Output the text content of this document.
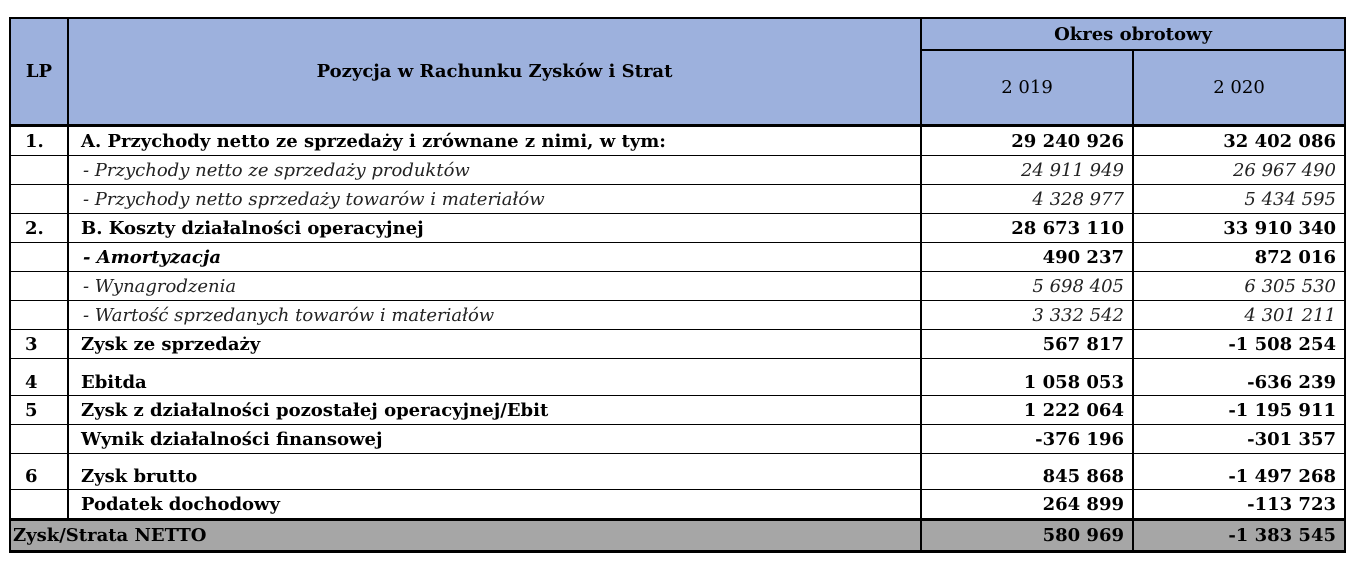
LP	Pozycja w Rachunku Zysków i Strat	Okres obrotowy	
		2 019	2 020
1.	A. Przychody netto ze sprzedaży i zrównane z nimi, w tym:	29 240 926	32 402 086
	- Przychody netto ze sprzedaży produktów	24 911 949	26 967 490
	- Przychody netto sprzedaży towarów i materiałów	4 328 977	5 434 595
2.	B. Koszty działalności operacyjnej	28 673 110	33 910 340
	- Amortyzacja	490 237	872 016
	- Wynagrodzenia	5 698 405	6 305 530
	- Wartość sprzedanych towarów i materiałów	3 332 542	4 301 211
3	Zysk ze sprzedaży	567 817	-1 508 254
4	Ebitda	1 058 053	-636 239
5	Zysk z działalności pozostałej operacyjnej/Ebit	1 222 064	-1 195 911
	Wynik działalności finansowej	-376 196	-301 357
6	Zysk brutto	845 868	-1 497 268
	Podatek dochodowy	264 899	-113 723
Zysk/Strata NETTO		580 969	-1 383 545
